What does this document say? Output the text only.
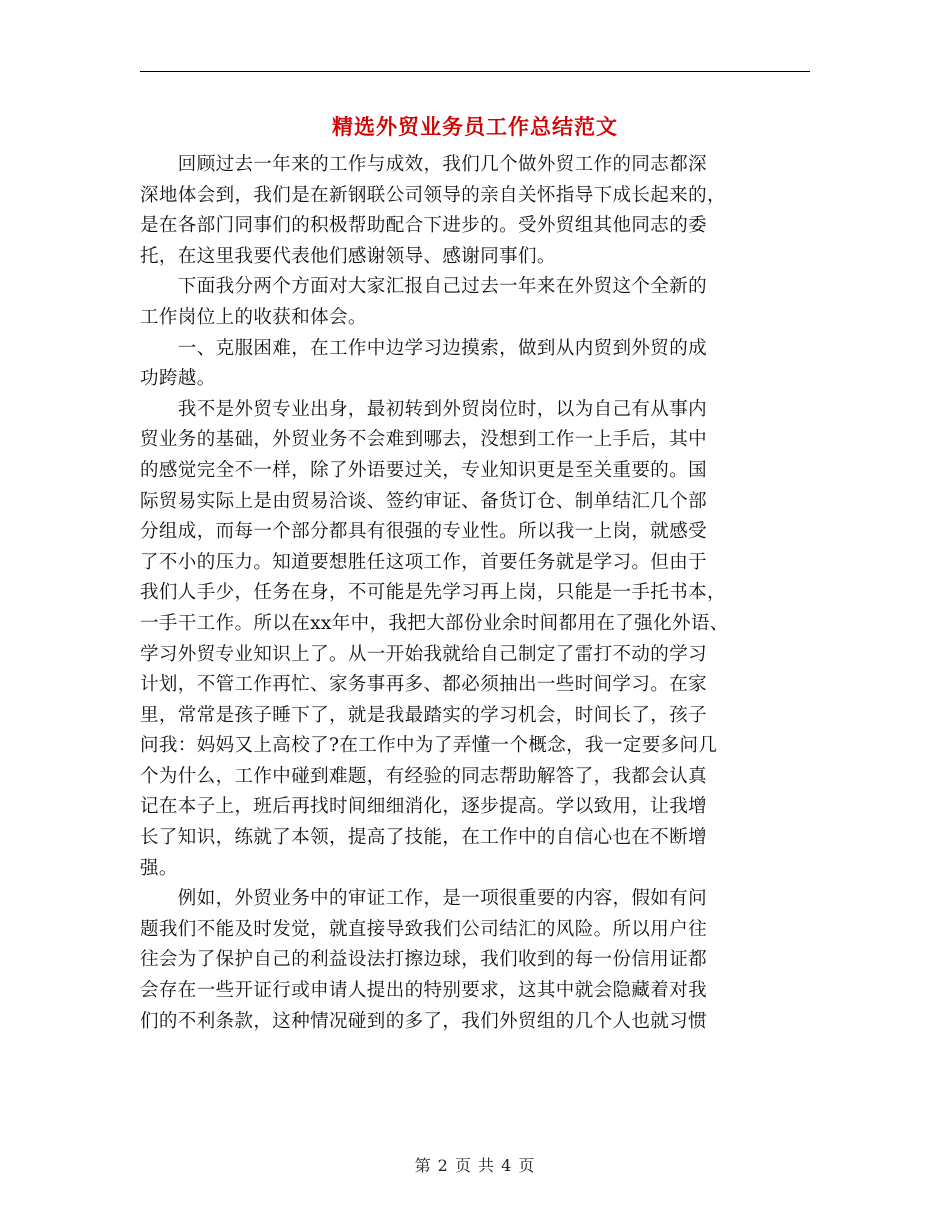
精选外贸业务员工作总结范文
　　回顾过去一年来的工作与成效，我们几个做外贸工作的同志都深
深地体会到，我们是在新钢联公司领导的亲自关怀指导下成长起来的，
是在各部门同事们的积极帮助配合下进步的。受外贸组其他同志的委
托，在这里我要代表他们感谢领导、感谢同事们。
　　下面我分两个方面对大家汇报自己过去一年来在外贸这个全新的
工作岗位上的收获和体会。
　　一、克服困难，在工作中边学习边摸索，做到从内贸到外贸的成
功跨越。
　　我不是外贸专业出身，最初转到外贸岗位时，以为自己有从事内
贸业务的基础，外贸业务不会难到哪去，没想到工作一上手后，其中
的感觉完全不一样，除了外语要过关，专业知识更是至关重要的。国
际贸易实际上是由贸易洽谈、签约审证、备货订仓、制单结汇几个部
分组成，而每一个部分都具有很强的专业性。所以我一上岗，就感受
了不小的压力。知道要想胜任这项工作，首要任务就是学习。但由于
我们人手少，任务在身，不可能是先学习再上岗，只能是一手托书本，
一手干工作。所以在xx年中，我把大部份业余时间都用在了强化外语、
学习外贸专业知识上了。从一开始我就给自己制定了雷打不动的学习
计划，不管工作再忙、家务事再多、都必须抽出一些时间学习。在家
里，常常是孩子睡下了，就是我最踏实的学习机会，时间长了，孩子
问我：妈妈又上高校了?在工作中为了弄懂一个概念，我一定要多问几
个为什么，工作中碰到难题，有经验的同志帮助解答了，我都会认真
记在本子上，班后再找时间细细消化，逐步提高。学以致用，让我增
长了知识，练就了本领，提高了技能，在工作中的自信心也在不断增
强。
　　例如，外贸业务中的审证工作，是一项很重要的内容，假如有问
题我们不能及时发觉，就直接导致我们公司结汇的风险。所以用户往
往会为了保护自己的利益设法打擦边球，我们收到的每一份信用证都
会存在一些开证行或申请人提出的特别要求，这其中就会隐藏着对我
们的不利条款，这种情况碰到的多了，我们外贸组的几个人也就习惯
第 2 页 共 4 页
